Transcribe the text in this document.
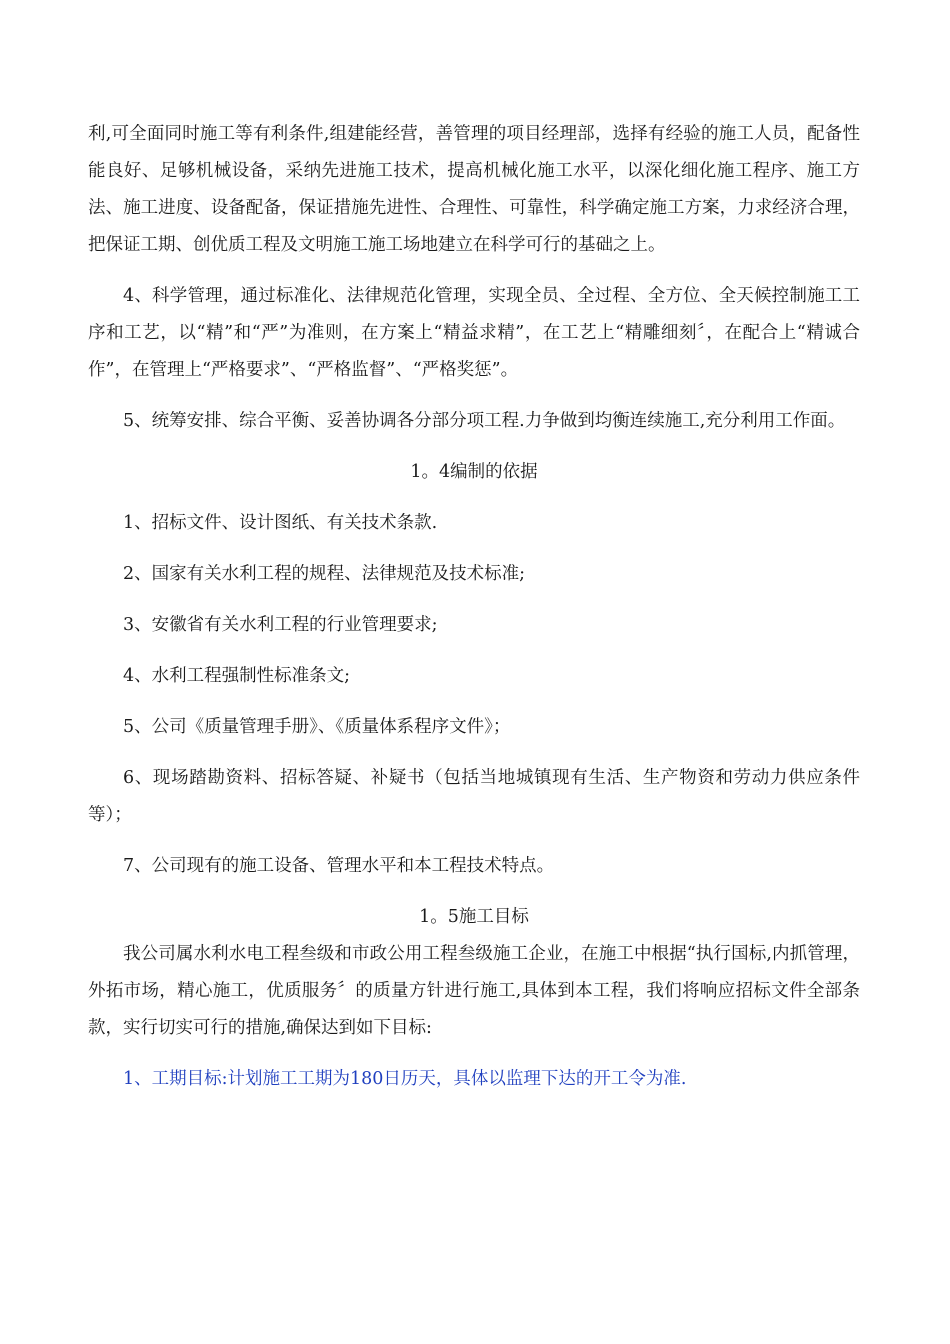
利,可全面同时施工等有利条件,组建能经营，善管理的项目经理部，选择有经验的施工人员，配备性能良好、足够机械设备，采纳先进施工技术，提高机械化施工水平，以深化细化施工程序、施工方法、施工进度、设备配备，保证措施先进性、合理性、可靠性，科学确定施工方案，力求经济合理，把保证工期、创优质工程及文明施工施工场地建立在科学可行的基础之上。

4、科学管理，通过标准化、法律规范化管理，实现全员、全过程、全方位、全天候控制施工工序和工艺，以“精”和“严”为准则，在方案上“精益求精”，在工艺上“精雕细刻〞，在配合上“精诚合作”，在管理上“严格要求”、“严格监督”、“严格奖惩”。

5、统筹安排、综合平衡、妥善协调各分部分项工程.力争做到均衡连续施工,充分利用工作面。

1。4编制的依据

1、招标文件、设计图纸、有关技术条款.

2、国家有关水利工程的规程、法律规范及技术标准;

3、安徽省有关水利工程的行业管理要求;

4、水利工程强制性标准条文;

5、公司《质量管理手册》、《质量体系程序文件》；

6、现场踏勘资料、招标答疑、补疑书（包括当地城镇现有生活、生产物资和劳动力供应条件等）；

7、公司现有的施工设备、管理水平和本工程技术特点。

1。5施工目标

我公司属水利水电工程叁级和市政公用工程叁级施工企业，在施工中根据“执行国标,内抓管理，外拓市场，精心施工，优质服务〞的质量方针进行施工,具体到本工程，我们将响应招标文件全部条款，实行切实可行的措施,确保达到如下目标:

1、工期目标:计划施工工期为180日历天，具体以监理下达的开工令为准.
